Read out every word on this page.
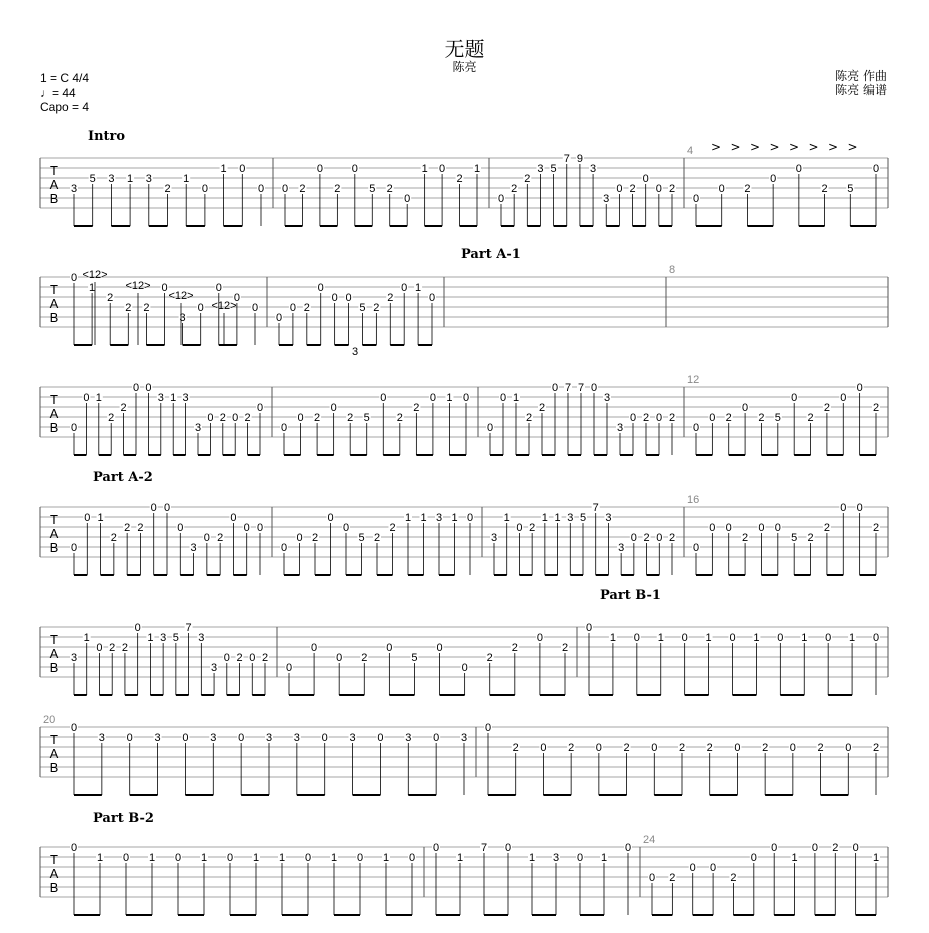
无题
陈亮
1 = C 4/4
♩= 44
Capo = 4
陈亮 作曲
陈亮 编谱
Intro
Part A-1
Part A-2
Part B-1
Part B-2
T
A
B
3
5 3 1 3
2
1
0
1 0
0 0 2
0
2
0
5 2
0
1 0
2
1
0
2
2
3 5
7 9
3
3
0 2
0
0 2
0
0 2
0
0
2 5
0
T
A
B
0
1
2
2 2
0
3
0
0
0
0
0
0 2
0
0 0
5 2
2
0 1
0
T
A
B 0
0 1
2
2
0 0
3 1 3
3
0 2 0 2
0
0
0 2
0
2 5
0
2
2
0 1 0
0
0 1
2
2
0 7 7 0
3
3
0 2 0 2
0
0 2
0
2 5
0
2
2
0
0
2
T
A
B 0
0 1
2
2 2
0 0
0
3
0 2
0
0 0
0
0 2
0
0
5 2
2
1 1 3 1 0
3
1
0 2
1 1 3 5
7
3
3
0 2 0 2
0
0 0
2
0 0
5 2
2
0 0
2
T
A
B
3
1
0 2 2
0
1 3 5
7
3
3
0 2 0 2
0
0
0 2
0
5
0
0
2
2
0
2
0
1 0 1 0 1 0 1 0 1 0 1 0
T
A
B
0
3 0 3 0 3 0 3 3 0 3 0 3 0 3
0
2 0 2 0 2 0 2 2 0 2 0 2 0 2
T
A
B
0
1 0 1 0 1 0 1 1 0 1 0 1 0
0
1
7 0
1 3 0 1
0
0 2
0 0
2
0
0
1
0 2 0
1
4
8
12
16
20
24
<12>
<12>
<12>
<12>
3
> > > > > > > >
